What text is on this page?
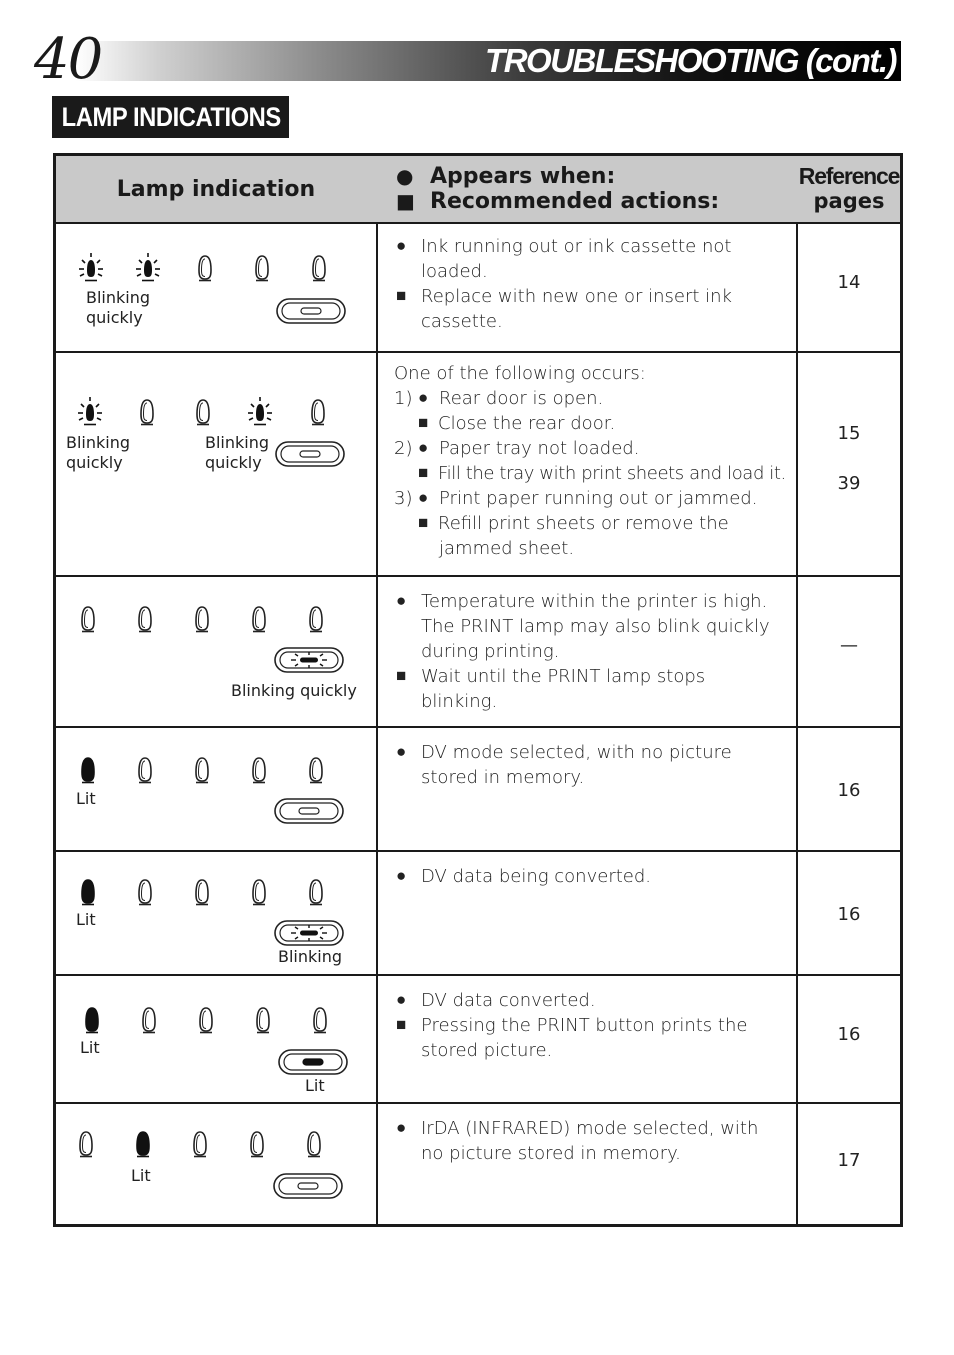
40	TROUBLESHOOTING (cont.)
LAMP INDICATIONS
Lamp indication
● Appears when:
■ Recommended actions:
Reference
pages
Blinking
quickly
● Ink running out or ink cassette not
loaded.
■ Replace with new one or insert ink
cassette.
14
Blinking
quickly
Blinking
quickly
One of the following occurs:
1) ● Rear door is open.
■ Close the rear door.
2) ● Paper tray not loaded.
■ Fill the tray with print sheets and load it.
3) ● Print paper running out or jammed.
■ Refill print sheets or remove the
jammed sheet.
15
39
Blinking quickly
● Temperature within the printer is high.
The PRINT lamp may also blink quickly
during printing.
■ Wait until the PRINT lamp stops
blinking.
—
Lit
● DV mode selected, with no picture
stored in memory.
16
Lit
Blinking
● DV data being converted.
16
Lit
Lit
● DV data converted.
■ Pressing the PRINT button prints the
stored picture.
16
Lit
● IrDA (INFRARED) mode selected, with
no picture stored in memory.	17
